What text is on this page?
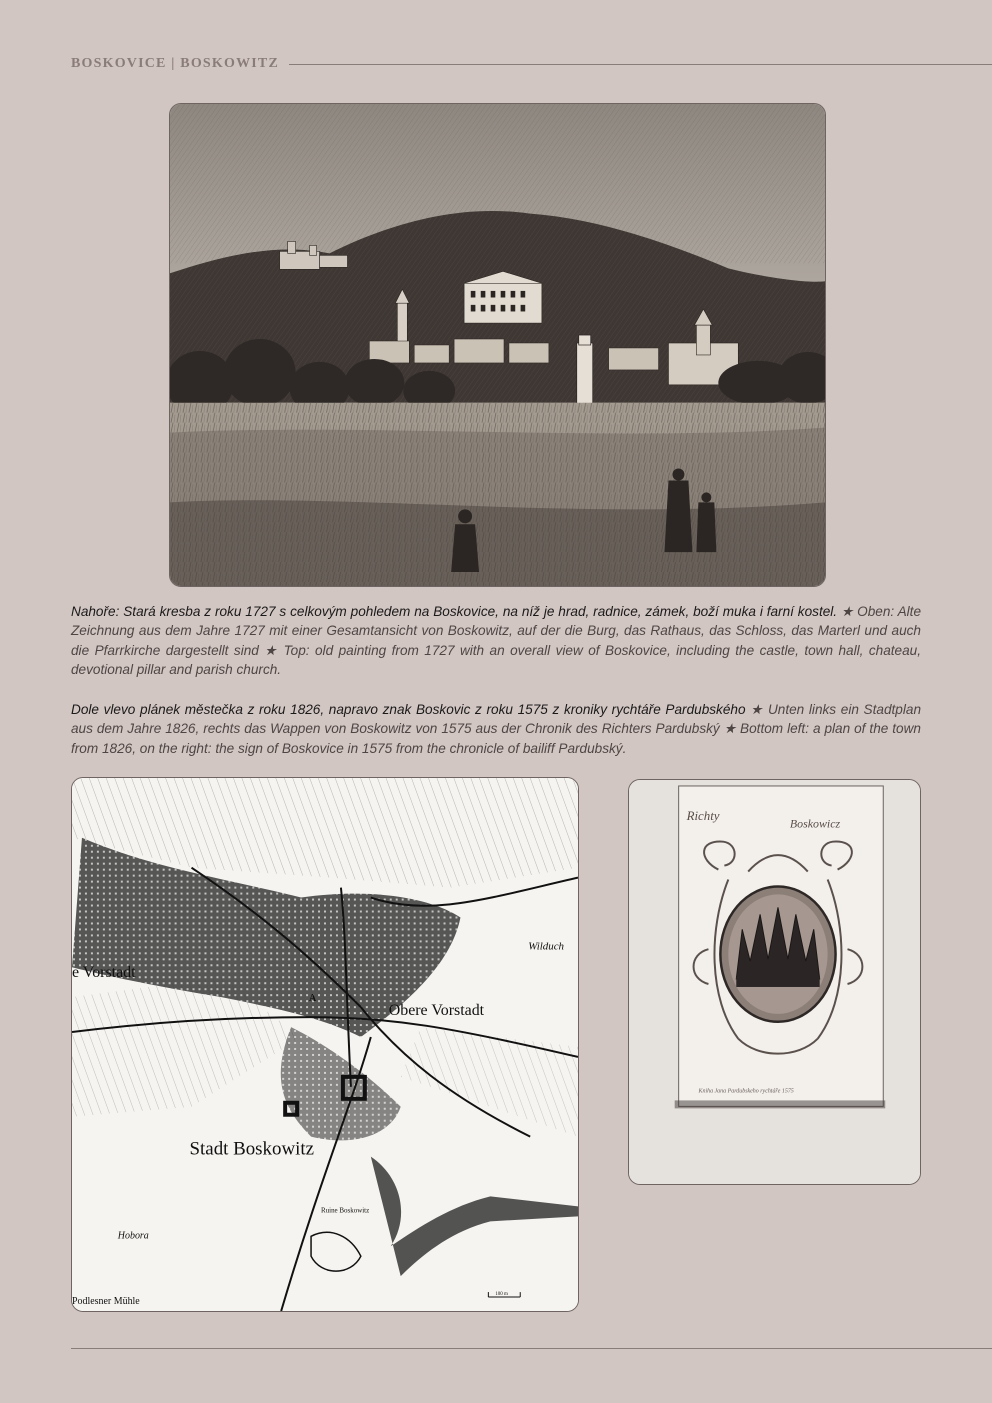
BOSKOVICE | BOSKOWITZ
Nahoře: Stará kresba z roku 1727 s celkovým pohledem na Boskovice, na níž je hrad, radnice, zámek, boží muka i farní kostel. ★ Oben: Alte Zeichnung aus dem Jahre 1727 mit einer Gesamtansicht von Boskowitz, auf der die Burg, das Rathaus, das Schloss, das Marterl und auch die Pfarrkirche dargestellt sind ★ Top: old painting from 1727 with an overall view of Boskovice, including the castle, town hall, chateau, devotional pillar and parish church.
Dole vlevo plánek městečka z roku 1826, napravo znak Boskovic z roku 1575 z kroniky rychtáře Pardubského ★ Unten links ein Stadtplan aus dem Jahre 1826, rechts das Wappen von Boskowitz von 1575 aus der Chronik des Richters Pardubský ★ Bottom left: a plan of the town from 1826, on the right: the sign of Boskovice in 1575 from the chronicle of bailiff Pardubský.
e Vorstadt
Obere Vorstadt
Stadt Boskowitz
Wilduch
Hobora
Podlesner Mühle
Ruine Boskowitz
A
100 m
Richty
Boskowicz
Kniha Jana Pardubskeho rychtáře 1575
